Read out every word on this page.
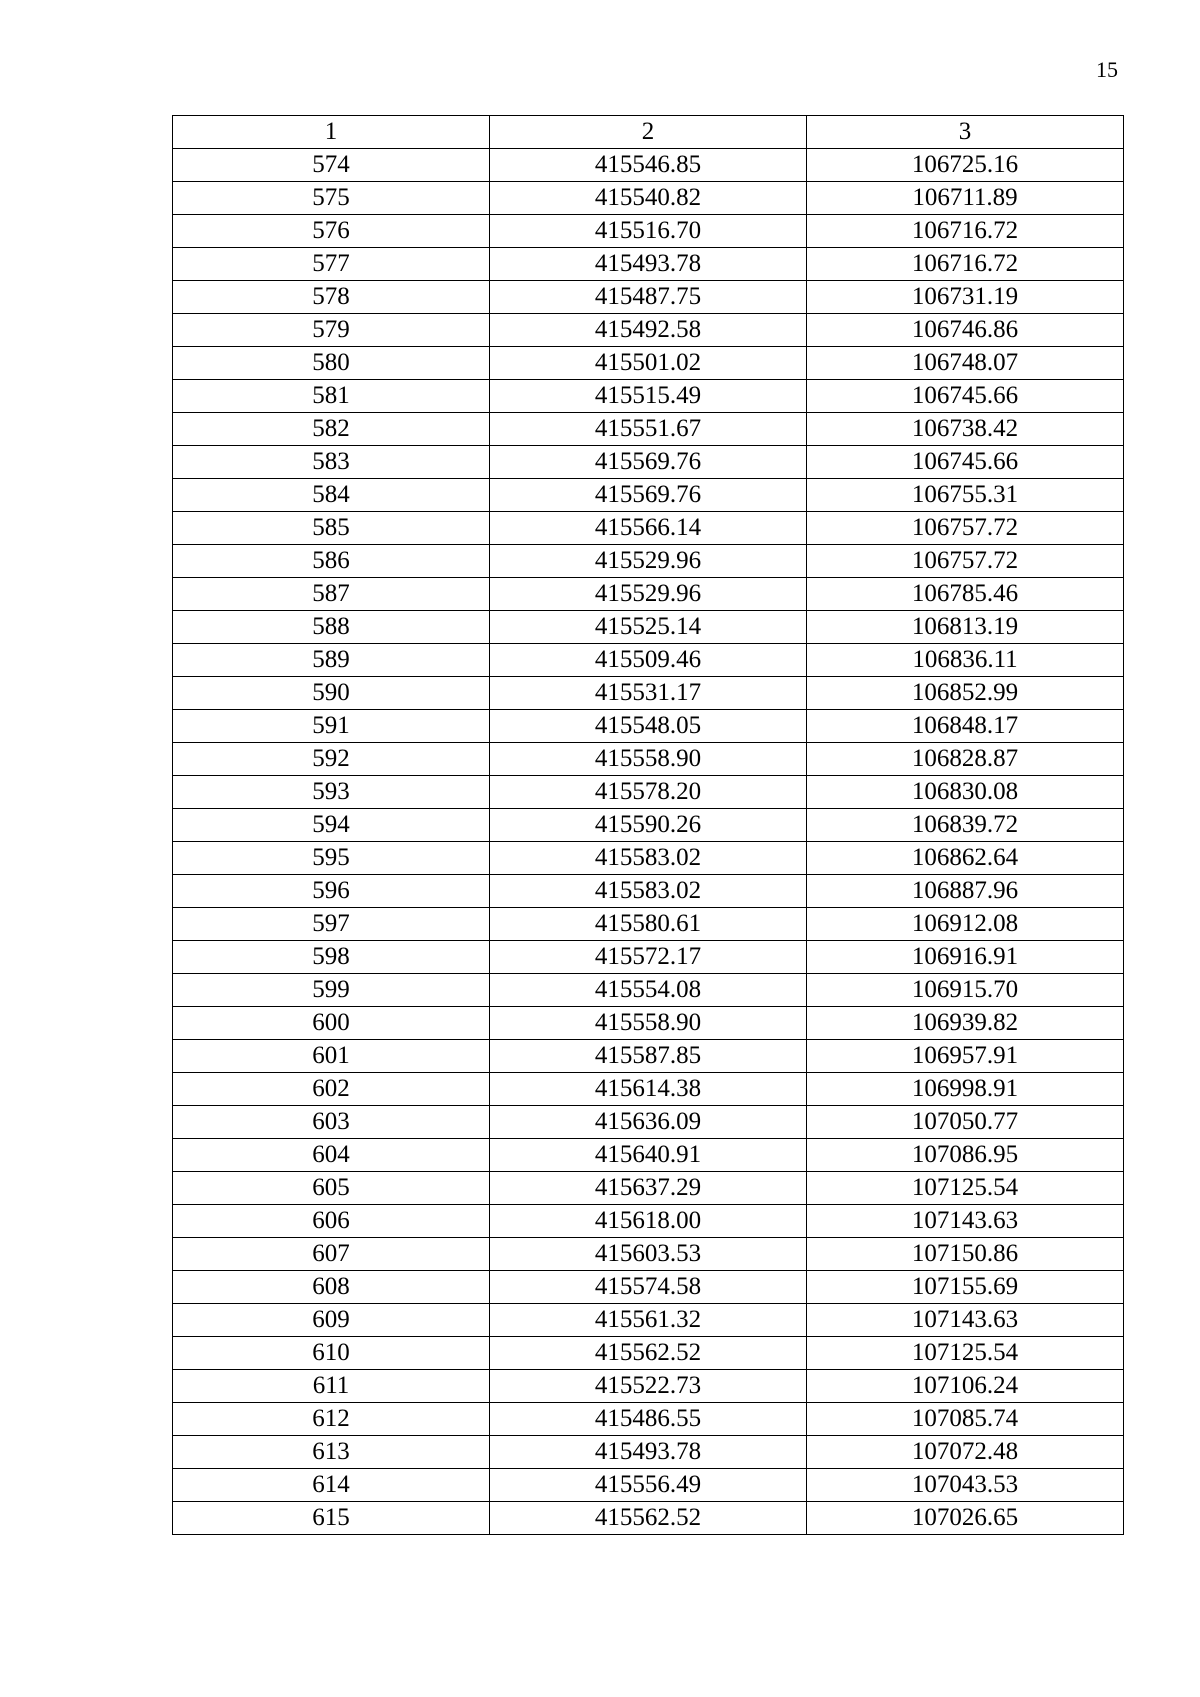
15
1	2	3
574	415546.85	106725.16
575	415540.82	106711.89
576	415516.70	106716.72
577	415493.78	106716.72
578	415487.75	106731.19
579	415492.58	106746.86
580	415501.02	106748.07
581	415515.49	106745.66
582	415551.67	106738.42
583	415569.76	106745.66
584	415569.76	106755.31
585	415566.14	106757.72
586	415529.96	106757.72
587	415529.96	106785.46
588	415525.14	106813.19
589	415509.46	106836.11
590	415531.17	106852.99
591	415548.05	106848.17
592	415558.90	106828.87
593	415578.20	106830.08
594	415590.26	106839.72
595	415583.02	106862.64
596	415583.02	106887.96
597	415580.61	106912.08
598	415572.17	106916.91
599	415554.08	106915.70
600	415558.90	106939.82
601	415587.85	106957.91
602	415614.38	106998.91
603	415636.09	107050.77
604	415640.91	107086.95
605	415637.29	107125.54
606	415618.00	107143.63
607	415603.53	107150.86
608	415574.58	107155.69
609	415561.32	107143.63
610	415562.52	107125.54
611	415522.73	107106.24
612	415486.55	107085.74
613	415493.78	107072.48
614	415556.49	107043.53
615	415562.52	107026.65
